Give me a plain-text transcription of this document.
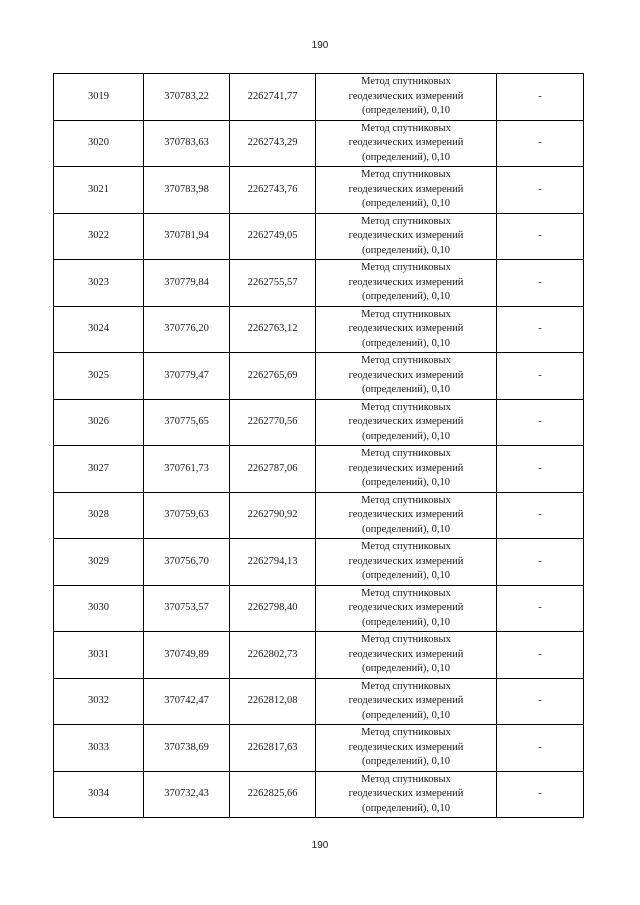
190
3019	370783,22	2262741,77	Метод спутниковых
геодезических измерений
(определений), 0,10	-
3020	370783,63	2262743,29	Метод спутниковых
геодезических измерений
(определений), 0,10	-
3021	370783,98	2262743,76	Метод спутниковых
геодезических измерений
(определений), 0,10	-
3022	370781,94	2262749,05	Метод спутниковых
геодезических измерений
(определений), 0,10	-
3023	370779,84	2262755,57	Метод спутниковых
геодезических измерений
(определений), 0,10	-
3024	370776,20	2262763,12	Метод спутниковых
геодезических измерений
(определений), 0,10	-
3025	370779,47	2262765,69	Метод спутниковых
геодезических измерений
(определений), 0,10	-
3026	370775,65	2262770,56	Метод спутниковых
геодезических измерений
(определений), 0,10	-
3027	370761,73	2262787,06	Метод спутниковых
геодезических измерений
(определений), 0,10	-
3028	370759,63	2262790,92	Метод спутниковых
геодезических измерений
(определений), 0,10	-
3029	370756,70	2262794,13	Метод спутниковых
геодезических измерений
(определений), 0,10	-
3030	370753,57	2262798,40	Метод спутниковых
геодезических измерений
(определений), 0,10	-
3031	370749,89	2262802,73	Метод спутниковых
геодезических измерений
(определений), 0,10	-
3032	370742,47	2262812,08	Метод спутниковых
геодезических измерений
(определений), 0,10	-
3033	370738,69	2262817,63	Метод спутниковых
геодезических измерений
(определений), 0,10	-
3034	370732,43	2262825,66	Метод спутниковых
геодезических измерений
(определений), 0,10	-
190
